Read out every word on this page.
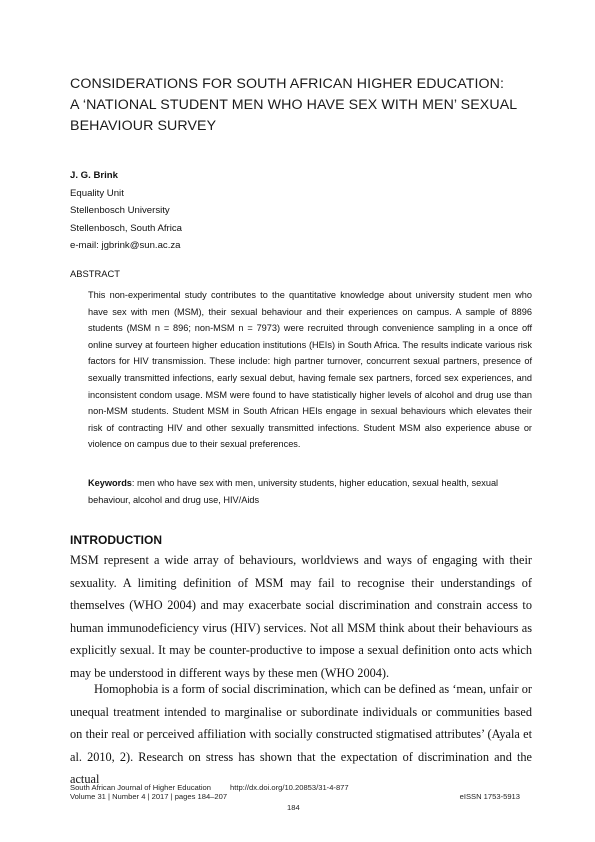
CONSIDERATIONS FOR SOUTH AFRICAN HIGHER EDUCATION:
A ‘NATIONAL STUDENT MEN WHO HAVE SEX WITH MEN’ SEXUAL
BEHAVIOUR SURVEY
J. G. Brink
Equality Unit
Stellenbosch University
Stellenbosch, South Africa
e-mail: jgbrink@sun.ac.za
ABSTRACT
This non-experimental study contributes to the quantitative knowledge about university student men who have sex with men (MSM), their sexual behaviour and their experiences on campus. A sample of 8896 students (MSM n = 896; non-MSM n = 7973) were recruited through convenience sampling in a once off online survey at fourteen higher education institutions (HEIs) in South Africa. The results indicate various risk factors for HIV transmission. These include: high partner turnover, concurrent sexual partners, presence of sexually transmitted infections, early sexual debut, having female sex partners, forced sex experiences, and inconsistent condom usage. MSM were found to have statistically higher levels of alcohol and drug use than non-MSM students. Student MSM in South African HEIs engage in sexual behaviours which elevates their risk of contracting HIV and other sexually transmitted infections. Student MSM also experience abuse or violence on campus due to their sexual preferences.
Keywords: men who have sex with men, university students, higher education, sexual health, sexual behaviour, alcohol and drug use, HIV/Aids
INTRODUCTION
MSM represent a wide array of behaviours, worldviews and ways of engaging with their sexuality. A limiting definition of MSM may fail to recognise their understandings of themselves (WHO 2004) and may exacerbate social discrimination and constrain access to human immunodeficiency virus (HIV) services. Not all MSM think about their behaviours as explicitly sexual. It may be counter-productive to impose a sexual definition onto acts which may be understood in different ways by these men (WHO 2004).
Homophobia is a form of social discrimination, which can be defined as ‘mean, unfair or unequal treatment intended to marginalise or subordinate individuals or communities based on their real or perceived affiliation with socially constructed stigmatised attributes’ (Ayala et al. 2010, 2). Research on stress has shown that the expectation of discrimination and the actual
South African Journal of Higher Education	http://dx.doi.org/10.20853/31-4-877
Volume 31 | Number 4 | 2017 | pages 184‒207	eISSN 1753-5913
184
